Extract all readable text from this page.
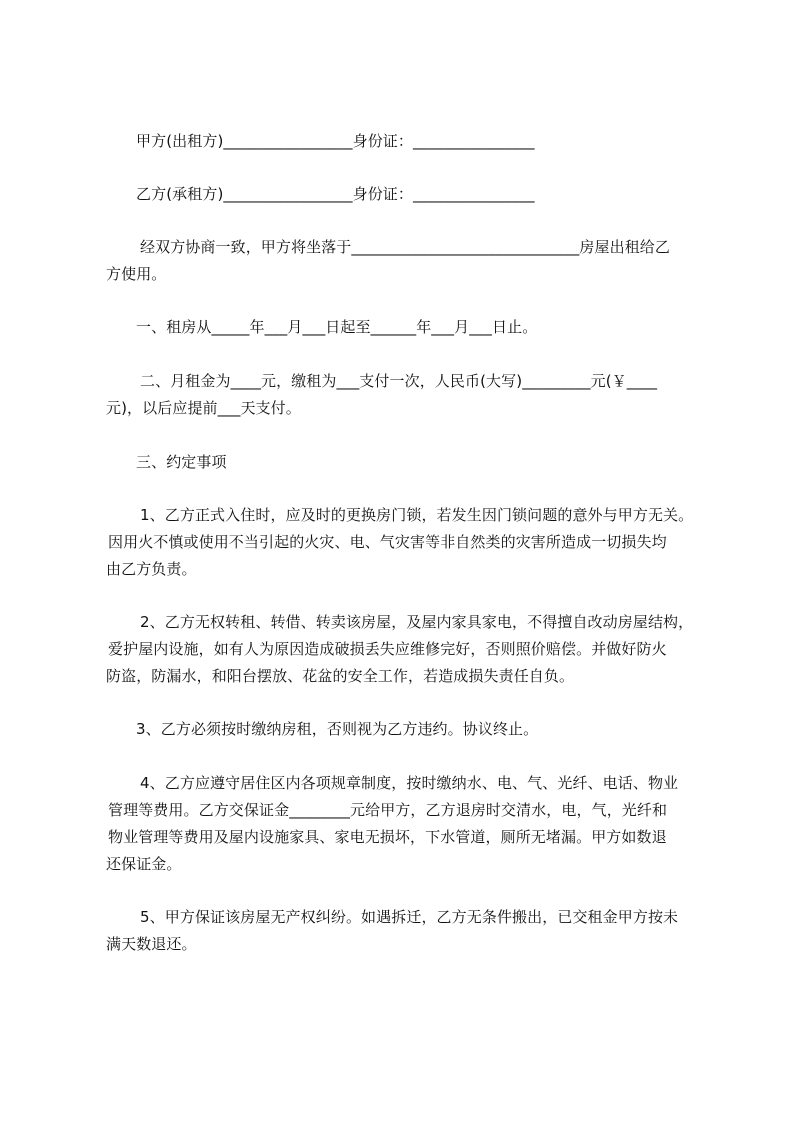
甲方(出租方)_________________身份证：________________
乙方(承租方)_________________身份证：________________
经双方协商一致，甲方将坐落于______________________________房屋出租给乙
方使用。
一、租房从_____年___月___日起至______年___月___日止。
二、月租金为____元，缴租为___支付一次，人民币(大写)_________元(￥____
元)，以后应提前___天支付。
三、约定事项
1、乙方正式入住时，应及时的更换房门锁，若发生因门锁问题的意外与甲方无关。
因用火不慎或使用不当引起的火灾、电、气灾害等非自然类的灾害所造成一切损失均
由乙方负责。
2、乙方无权转租、转借、转卖该房屋，及屋内家具家电，不得擅自改动房屋结构，
爱护屋内设施，如有人为原因造成破损丢失应维修完好，否则照价赔偿。并做好防火
防盗，防漏水，和阳台摆放、花盆的安全工作，若造成损失责任自负。
3、乙方必须按时缴纳房租，否则视为乙方违约。协议终止。
4、乙方应遵守居住区内各项规章制度，按时缴纳水、电、气、光纤、电话、物业
管理等费用。乙方交保证金________元给甲方，乙方退房时交清水，电，气，光纤和
物业管理等费用及屋内设施家具、家电无损坏，下水管道，厕所无堵漏。甲方如数退
还保证金。
5、甲方保证该房屋无产权纠纷。如遇拆迁，乙方无条件搬出，已交租金甲方按未
满天数退还。
